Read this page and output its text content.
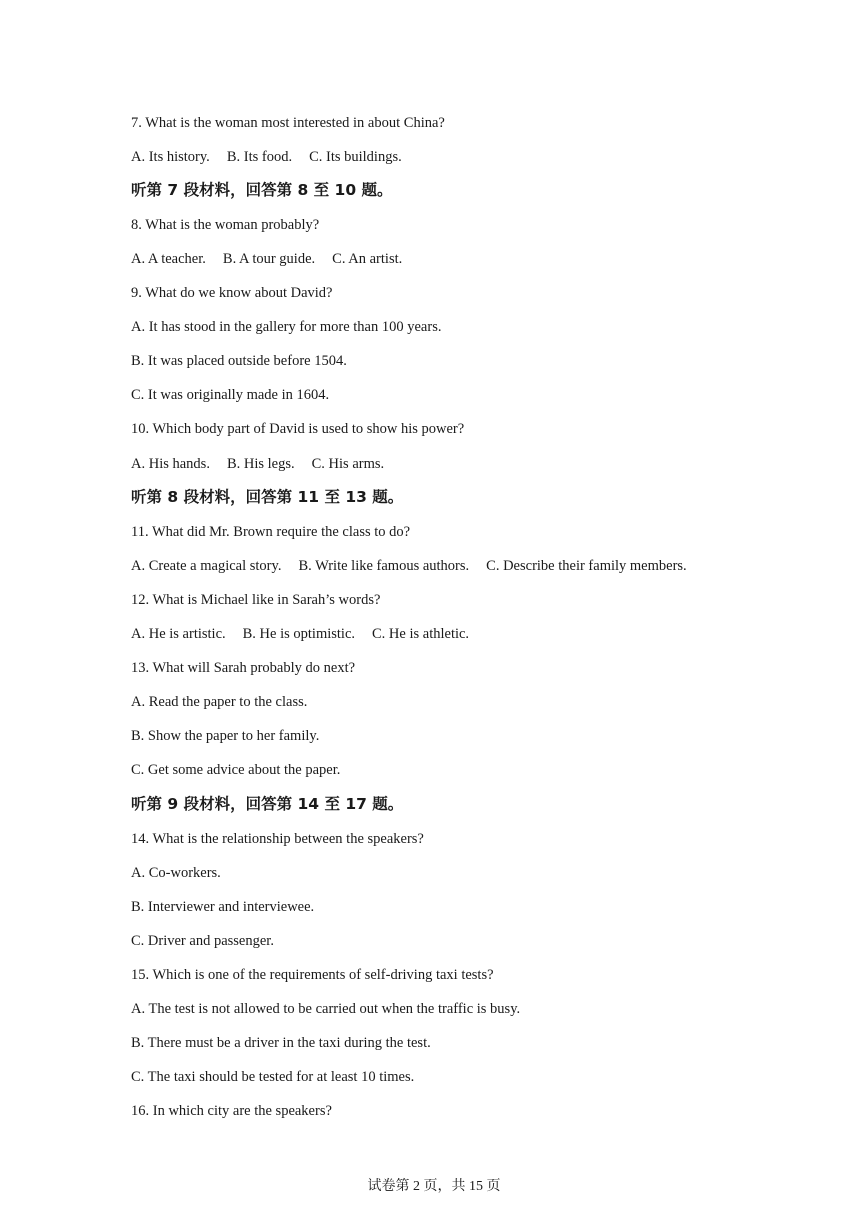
7. What is the woman most interested in about China?
A. Its history. B. Its food. C. Its buildings.
听第 7 段材料，回答第 8 至 10 题。
8. What is the woman probably?
A. A teacher. B. A tour guide. C. An artist.
9. What do we know about David?
A. It has stood in the gallery for more than 100 years.
B. It was placed outside before 1504.
C. It was originally made in 1604.
10. Which body part of David is used to show his power?
A. His hands. B. His legs. C. His arms.
听第 8 段材料，回答第 11 至 13 题。
11. What did Mr. Brown require the class to do?
A. Create a magical story. B. Write like famous authors. C. Describe their family members.
12. What is Michael like in Sarah’s words?
A. He is artistic. B. He is optimistic. C. He is athletic.
13. What will Sarah probably do next?
A. Read the paper to the class.
B. Show the paper to her family.
C. Get some advice about the paper.
听第 9 段材料，回答第 14 至 17 题。
14. What is the relationship between the speakers?
A. Co-workers.
B. Interviewer and interviewee.
C. Driver and passenger.
15. Which is one of the requirements of self-driving taxi tests?
A. The test is not allowed to be carried out when the traffic is busy.
B. There must be a driver in the taxi during the test.
C. The taxi should be tested for at least 10 times.
16. In which city are the speakers?
试卷第 2 页，共 15 页
